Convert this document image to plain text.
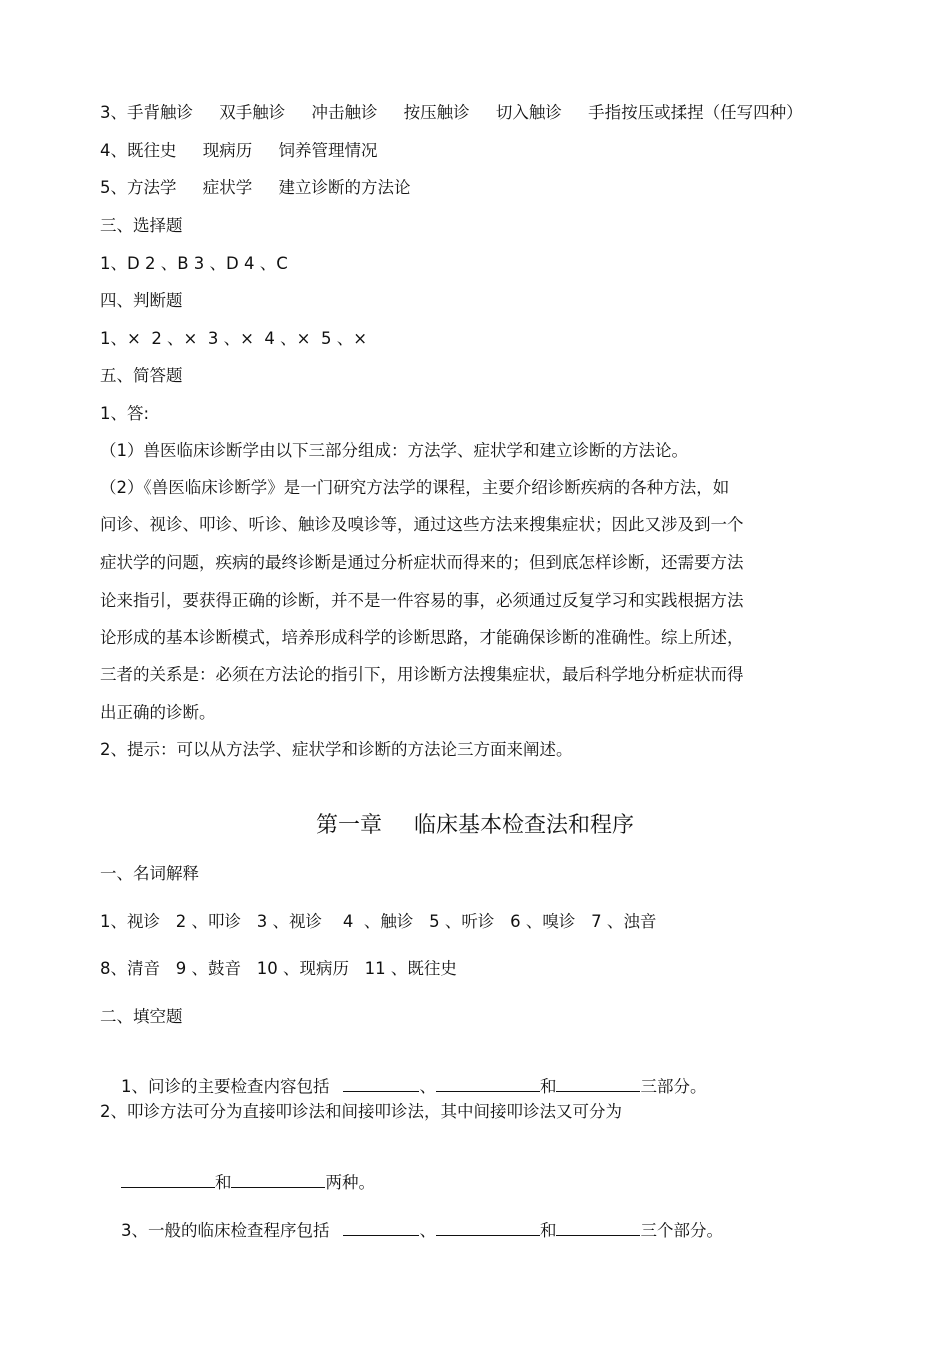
3、手背触诊     双手触诊     冲击触诊     按压触诊     切入触诊     手指按压或揉捏（任写四种）
4、既往史     现病历     饲养管理情况
5、方法学     症状学     建立诊断的方法论
三、选择题
1、D 2 、B 3 、D 4 、C
四、判断题
1、×  2 、×  3 、×  4 、×  5 、×
五、简答题
1、答:
（1）兽医临床诊断学由以下三部分组成：方法学、症状学和建立诊断的方法论。
（2）《兽医临床诊断学》是一门研究方法学的课程，主要介绍诊断疾病的各种方法，如
问诊、视诊、叩诊、听诊、触诊及嗅诊等，通过这些方法来搜集症状；因此又涉及到一个
症状学的问题，疾病的最终诊断是通过分析症状而得来的；但到底怎样诊断，还需要方法
论来指引，要获得正确的诊断，并不是一件容易的事，必须通过反复学习和实践根据方法
论形成的基本诊断模式，培养形成科学的诊断思路，才能确保诊断的准确性。综上所述，
三者的关系是：必须在方法论的指引下，用诊断方法搜集症状，最后科学地分析症状而得
出正确的诊断。
2、提示：可以从方法学、症状学和诊断的方法论三方面来阐述。
第一章 临床基本检查法和程序
一、名词解释
1、视诊   2 、叩诊   3 、视诊    4  、触诊   5 、听诊   6 、嗅诊   7 、浊音
8、清音   9 、鼓音   10 、现病历   11 、既往史
二、填空题

1、问诊的主要检查内容包括	、	和	三部分。

2、叩诊方法可分为直接叩诊法和间接叩诊法，其中间接叩诊法又可分为

和	两种。

3、一般的临床检查程序包括	、	和	三个部分。
